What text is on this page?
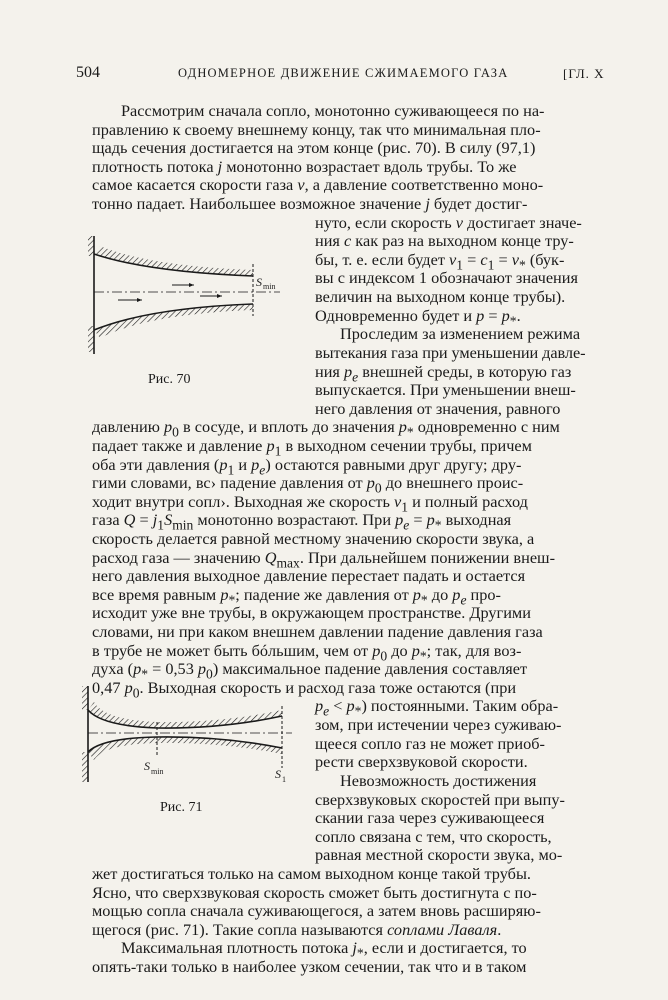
504	ОДНОМЕРНОЕ ДВИЖЕНИЕ СЖИМАЕМОГО ГАЗА	[ГЛ. X
S min
Рис. 70
S min	S 1
Рис. 71
Рассмотрим сначала сопло, монотонно суживающееся по на-
правлению к своему внешнему концу, так что минимальная пло-
щадь сечения достигается на этом конце (рис. 70). В силу (97,1)
плотность потока j монотонно возрастает вдоль трубы. То же
самое касается скорости газа v, а давление соответственно моно-
тонно падает. Наибольшее возможное значение j будет достиг-
нуто, если скорость v достигает значе-
ния c как раз на выходном конце тру-
бы, т. е. если будет $v_1 = c_1 = v_*$ (бук-
вы с индексом 1 обозначают значения
величин на выходном конце трубы).
Одновременно будет и $p = p_*$.
Проследим за изменением режима
вытекания газа при уменьшении давле-
ния $p_e$ внешней среды, в которую газ
выпускается. При уменьшении внеш-
него давления от значения, равного
давлению $p_0$ в сосуде, и вплоть до значения $p_*$ одновременно с ним
падает также и давление $p_1$ в выходном сечении трубы, причем
оба эти давления ($p_1$ и $p_e$) остаются равными друг другу; дру-
гими словами, вс› падение давления от $p_0$ до внешнего проис-
ходит внутри сопл›. Выходная же скорость $v_1$ и полный расход
газа $Q = j_1S_{min}$ монотонно возрастают. При $p_e = p_*$ выходная
скорость делается равной местному значению скорости звука, а
расход газа — значению $Q_{max}$. При дальнейшем понижении внеш-
него давления выходное давление перестает падать и остается
все время равным $p_*$; падение же давления от $p_*$ до $p_e$ про-
исходит уже вне трубы, в окружающем пространстве. Другими
словами, ни при каком внешнем давлении падение давления газа
в трубе не может быть бóльшим, чем от $p_0$ до $p_*$; так, для воз-
духа ($p_* = 0,53$ $p_0$) максимальное падение давления составляет
0,47 $p_0$. Выходная скорость и расход газа тоже остаются (при
$p_e < p_*$) постоянными. Таким обра-
зом, при истечении через суживаю-
щееся сопло газ не может приоб-
рести сверхзвуковой скорости.
Невозможность достижения
сверхзвуковых скоростей при выпу-
скании газа через суживающееся
сопло связана с тем, что скорость,
равная местной скорости звука, мо-
жет достигаться только на самом выходном конце такой трубы.
Ясно, что сверхзвуковая скорость сможет быть достигнута с по-
мощью сопла сначала суживающегося, а затем вновь расширяю-
щегося (рис. 71). Такие сопла называются соплами Лаваля.
Максимальная плотность потока $j_*$, если и достигается, то
опять-таки только в наиболее узком сечении, так что и в таком
